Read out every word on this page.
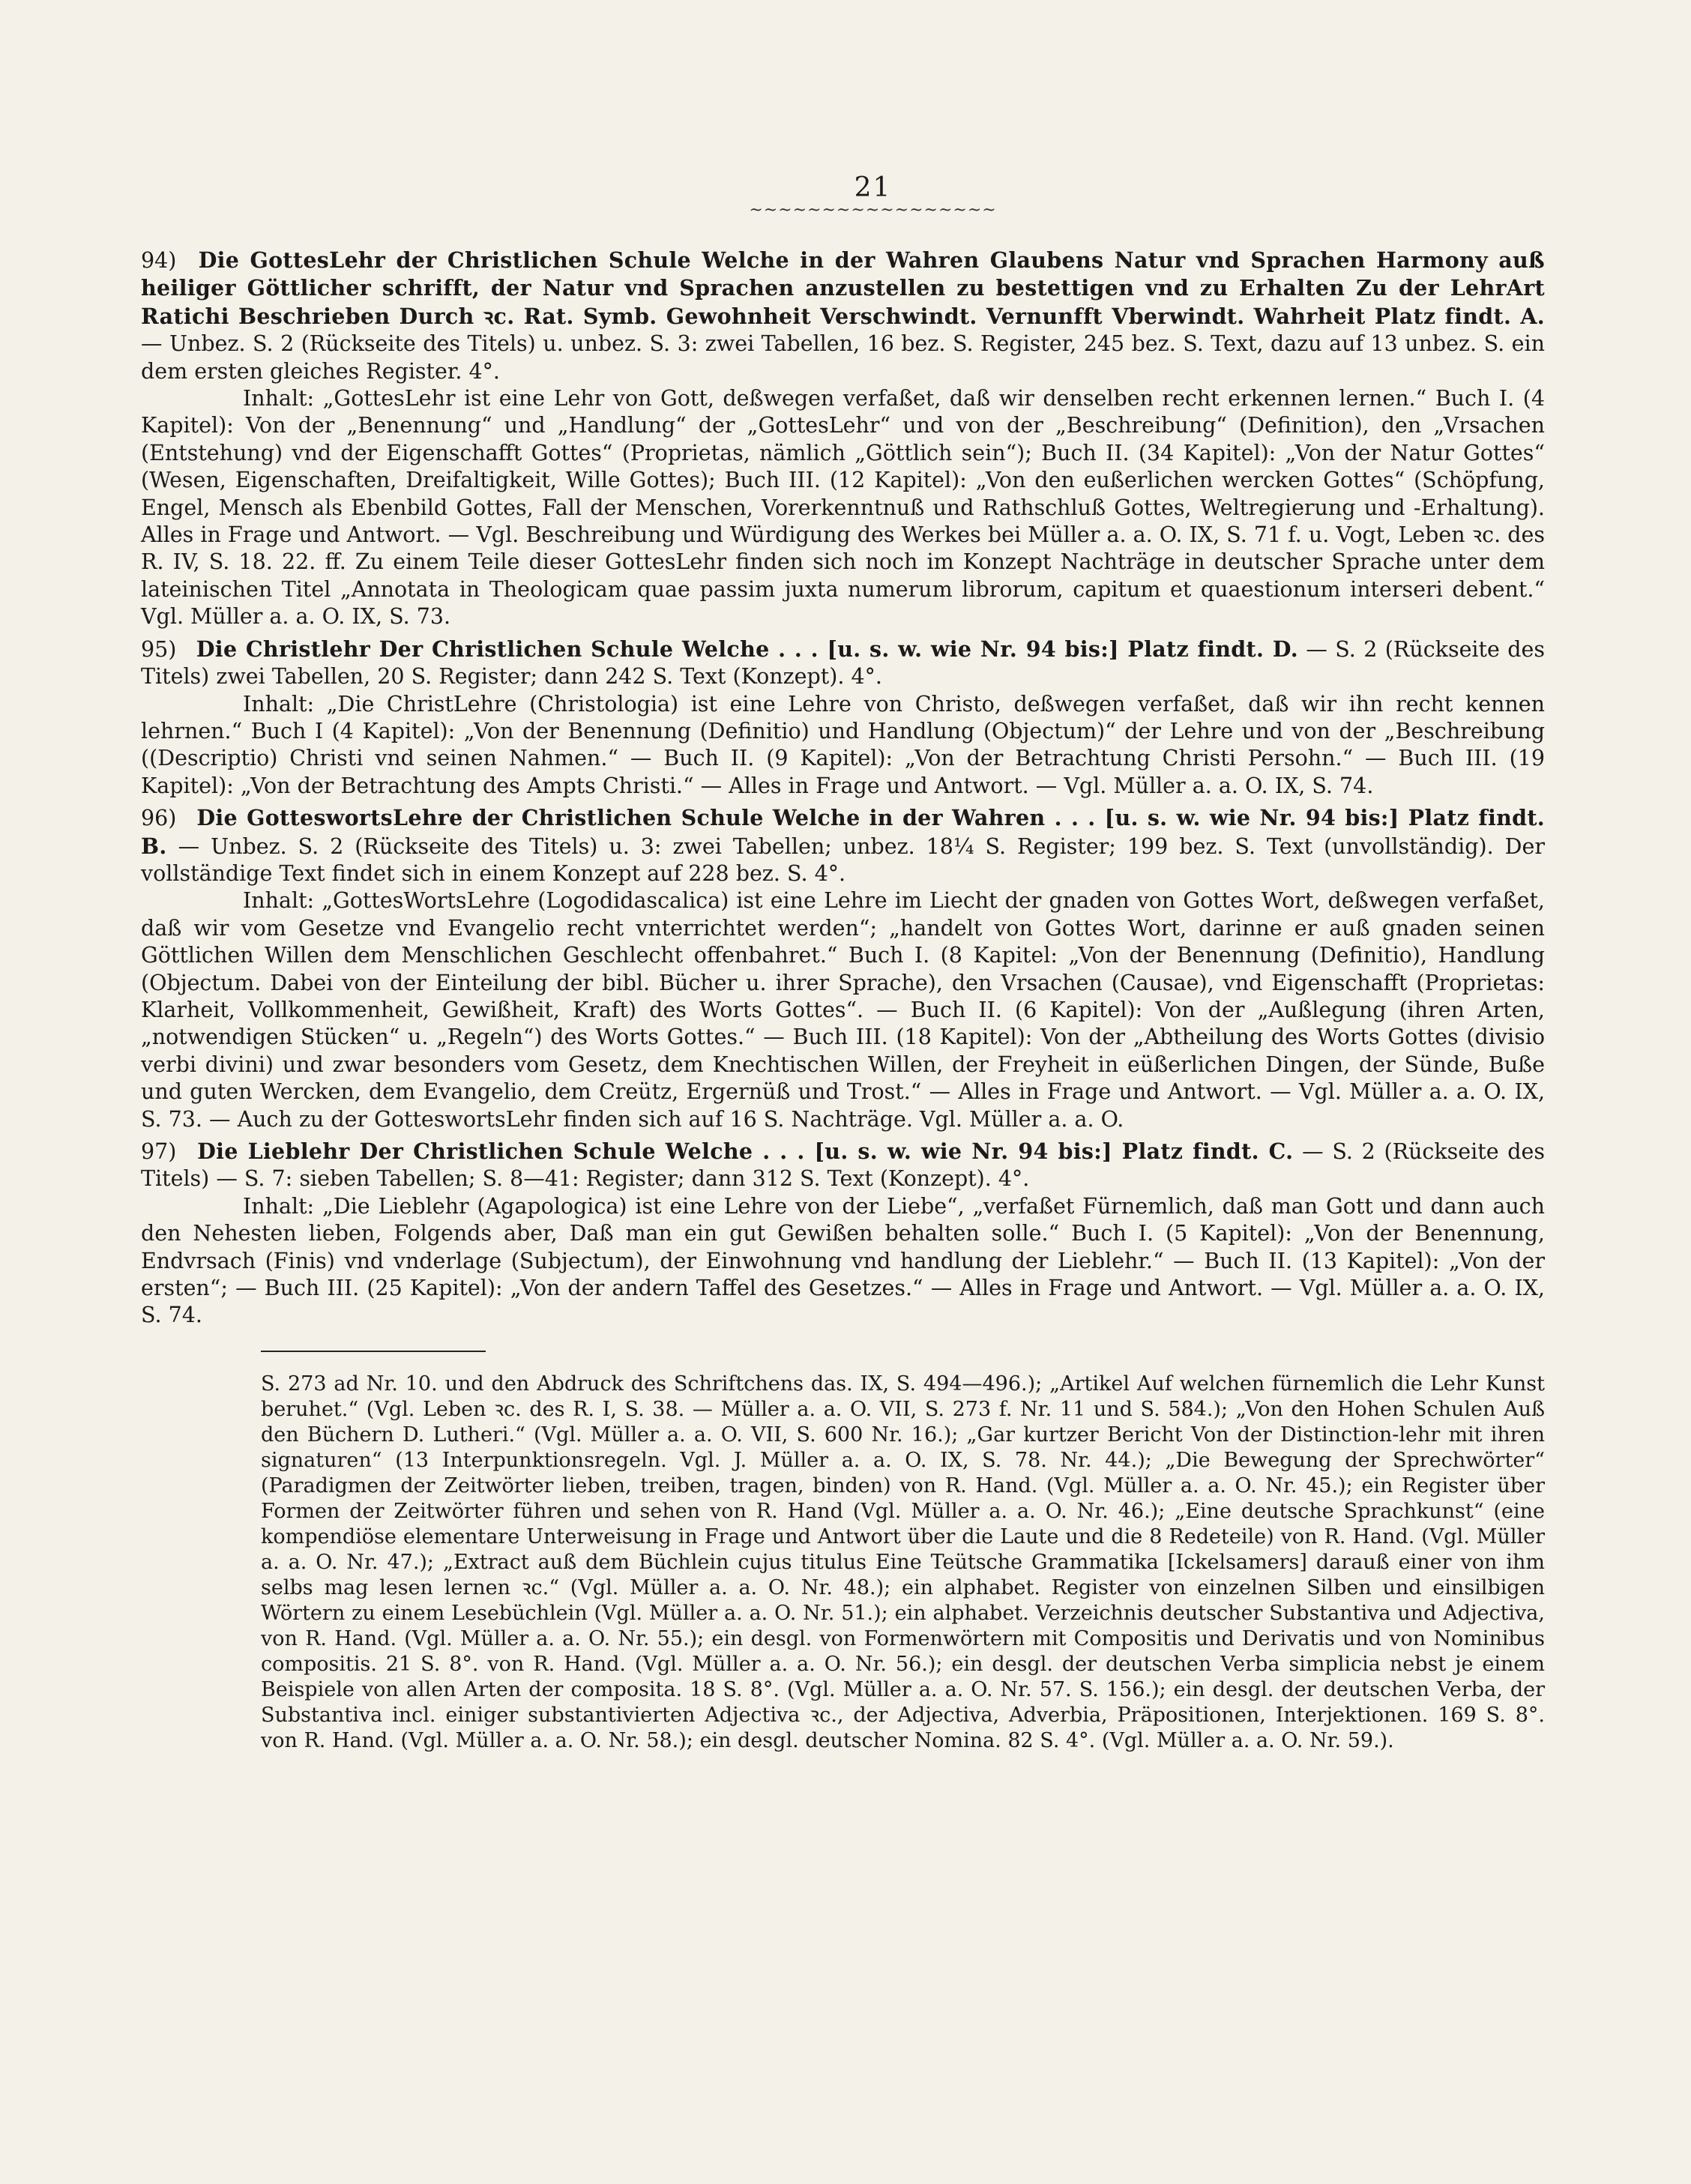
21
~~~~~~~~~~~~~~~~~
94) Die GottesLehr der Christlichen Schule Welche in der Wahren Glaubens Natur vnd Sprachen Harmony auß heiliger Göttlicher schrifft, der Natur vnd Sprachen anzustellen zu bestettigen vnd zu Erhalten Zu der LehrArt Ratichi Beschrieben Durch ꝛc. Rat. Symb. Gewohnheit Verschwindt. Vernunfft Vberwindt. Wahrheit Platz findt. A. — Unbez. S. 2 (Rückseite des Titels) u. unbez. S. 3: zwei Tabellen, 16 bez. S. Register, 245 bez. S. Text, dazu auf 13 unbez. S. ein dem ersten gleiches Register. 4°.
Inhalt: „GottesLehr ist eine Lehr von Gott, deßwegen verfaßet, daß wir denselben recht erkennen lernen.“ Buch I. (4 Kapitel): Von der „Benennung“ und „Handlung“ der „GottesLehr“ und von der „Beschreibung“ (Definition), den „Vrsachen (Entstehung) vnd der Eigenschafft Gottes“ (Proprietas, nämlich „Göttlich sein“); Buch II. (34 Kapitel): „Von der Natur Gottes“ (Wesen, Eigenschaften, Dreifaltigkeit, Wille Gottes); Buch III. (12 Kapitel): „Von den eußerlichen wercken Gottes“ (Schöpfung, Engel, Mensch als Ebenbild Gottes, Fall der Menschen, Vorerkenntnuß und Rathschluß Gottes, Weltregierung und -Erhaltung). Alles in Frage und Antwort. — Vgl. Beschreibung und Würdigung des Werkes bei Müller a. a. O. IX, S. 71 f. u. Vogt, Leben ꝛc. des R. IV, S. 18. 22. ff. Zu einem Teile dieser GottesLehr finden sich noch im Konzept Nachträge in deutscher Sprache unter dem lateinischen Titel „Annotata in Theologicam quae passim juxta numerum librorum, capitum et quaestionum interseri debent.“ Vgl. Müller a. a. O. IX, S. 73.
95) Die Christlehr Der Christlichen Schule Welche . . . [u. s. w. wie Nr. 94 bis:] Platz findt. D. — S. 2 (Rückseite des Titels) zwei Tabellen, 20 S. Register; dann 242 S. Text (Konzept). 4°.
Inhalt: „Die ChristLehre (Christologia) ist eine Lehre von Christo, deßwegen verfaßet, daß wir ihn recht kennen lehrnen.“ Buch I (4 Kapitel): „Von der Benennung (Definitio) und Handlung (Objectum)“ der Lehre und von der „Beschreibung ((Descriptio) Christi vnd seinen Nahmen.“ — Buch II. (9 Kapitel): „Von der Betrachtung Christi Persohn.“ — Buch III. (19 Kapitel): „Von der Betrachtung des Ampts Christi.“ — Alles in Frage und Antwort. — Vgl. Müller a. a. O. IX, S. 74.
96) Die GotteswortsLehre der Christlichen Schule Welche in der Wahren . . . [u. s. w. wie Nr. 94 bis:] Platz findt. B. — Unbez. S. 2 (Rückseite des Titels) u. 3: zwei Tabellen; unbez. 18¼ S. Register; 199 bez. S. Text (unvollständig). Der vollständige Text findet sich in einem Konzept auf 228 bez. S. 4°.
Inhalt: „GottesWortsLehre (Logodidascalica) ist eine Lehre im Liecht der gnaden von Gottes Wort, deßwegen verfaßet, daß wir vom Gesetze vnd Evangelio recht vnterrichtet werden“; „handelt von Gottes Wort, darinne er auß gnaden seinen Göttlichen Willen dem Menschlichen Geschlecht offenbahret.“ Buch I. (8 Kapitel: „Von der Benennung (Definitio), Handlung (Objectum. Dabei von der Einteilung der bibl. Bücher u. ihrer Sprache), den Vrsachen (Causae), vnd Eigenschafft (Proprietas: Klarheit, Vollkommenheit, Gewißheit, Kraft) des Worts Gottes“. — Buch II. (6 Kapitel): Von der „Außlegung (ihren Arten, „notwendigen Stücken“ u. „Regeln“) des Worts Gottes.“ — Buch III. (18 Kapitel): Von der „Abtheilung des Worts Gottes (divisio verbi divini) und zwar besonders vom Gesetz, dem Knechtischen Willen, der Freyheit in eüßerlichen Dingen, der Sünde, Buße und guten Wercken, dem Evangelio, dem Creütz, Ergernüß und Trost.“ — Alles in Frage und Antwort. — Vgl. Müller a. a. O. IX, S. 73. — Auch zu der GotteswortsLehr finden sich auf 16 S. Nachträge. Vgl. Müller a. a. O.
97) Die Lieblehr Der Christlichen Schule Welche . . . [u. s. w. wie Nr. 94 bis:] Platz findt. C. — S. 2 (Rückseite des Titels) — S. 7: sieben Tabellen; S. 8—41: Register; dann 312 S. Text (Konzept). 4°.
Inhalt: „Die Lieblehr (Agapologica) ist eine Lehre von der Liebe“, „verfaßet Fürnemlich, daß man Gott und dann auch den Nehesten lieben, Folgends aber, Daß man ein gut Gewißen behalten solle.“ Buch I. (5 Kapitel): „Von der Benennung, Endvrsach (Finis) vnd vnderlage (Subjectum), der Einwohnung vnd handlung der Lieblehr.“ — Buch II. (13 Kapitel): „Von der ersten“; — Buch III. (25 Kapitel): „Von der andern Taffel des Gesetzes.“ — Alles in Frage und Antwort. — Vgl. Müller a. a. O. IX, S. 74.
S. 273 ad Nr. 10. und den Abdruck des Schriftchens das. IX, S. 494—496.); „Artikel Auf welchen fürnemlich die Lehr Kunst beruhet.“ (Vgl. Leben ꝛc. des R. I, S. 38. — Müller a. a. O. VII, S. 273 f. Nr. 11 und S. 584.); „Von den Hohen Schulen Auß den Büchern D. Lutheri.“ (Vgl. Müller a. a. O. VII, S. 600 Nr. 16.); „Gar kurtzer Bericht Von der Distinction-lehr mit ihren signaturen“ (13 Interpunktionsregeln. Vgl. J. Müller a. a. O. IX, S. 78. Nr. 44.); „Die Bewegung der Sprechwörter“ (Paradigmen der Zeitwörter lieben, treiben, tragen, binden) von R. Hand. (Vgl. Müller a. a. O. Nr. 45.); ein Register über Formen der Zeitwörter führen und sehen von R. Hand (Vgl. Müller a. a. O. Nr. 46.); „Eine deutsche Sprachkunst“ (eine kompendiöse elementare Unterweisung in Frage und Antwort über die Laute und die 8 Redeteile) von R. Hand. (Vgl. Müller a. a. O. Nr. 47.); „Extract auß dem Büchlein cujus titulus Eine Teütsche Grammatika [Ickelsamers] darauß einer von ihm selbs mag lesen lernen ꝛc.“ (Vgl. Müller a. a. O. Nr. 48.); ein alphabet. Register von einzelnen Silben und einsilbigen Wörtern zu einem Lesebüchlein (Vgl. Müller a. a. O. Nr. 51.); ein alphabet. Verzeichnis deutscher Substantiva und Adjectiva, von R. Hand. (Vgl. Müller a. a. O. Nr. 55.); ein desgl. von Formenwörtern mit Compositis und Derivatis und von Nominibus compositis. 21 S. 8°. von R. Hand. (Vgl. Müller a. a. O. Nr. 56.); ein desgl. der deutschen Verba simplicia nebst je einem Beispiele von allen Arten der composita. 18 S. 8°. (Vgl. Müller a. a. O. Nr. 57. S. 156.); ein desgl. der deutschen Verba, der Substantiva incl. einiger substantivierten Adjectiva ꝛc., der Adjectiva, Adverbia, Präpositionen, Interjektionen. 169 S. 8°. von R. Hand. (Vgl. Müller a. a. O. Nr. 58.); ein desgl. deutscher Nomina. 82 S. 4°. (Vgl. Müller a. a. O. Nr. 59.).
